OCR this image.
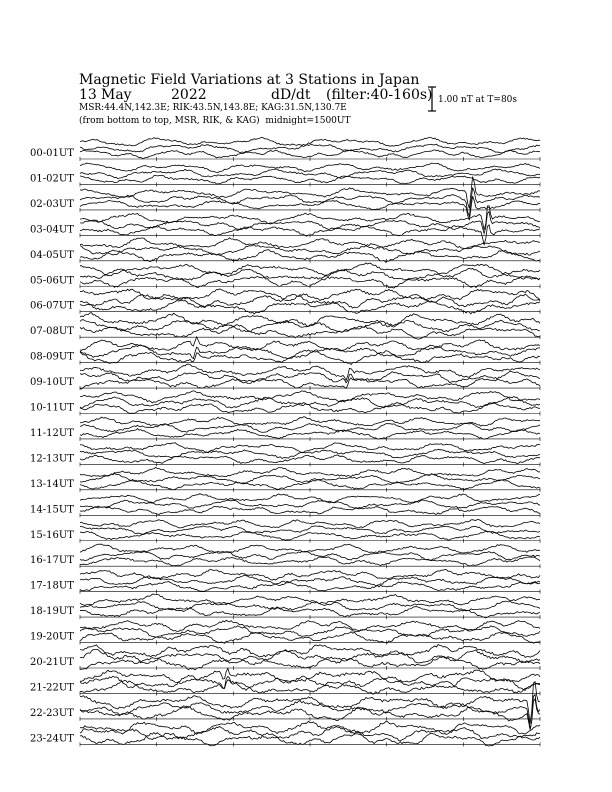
Magnetic Field Variations at 3 Stations in Japan
13 May	2022	dD/dt (filter:40-160s)
MSR:44.4N,142.3E; RIK:43.5N,143.8E; KAG:31.5N,130.7E
(from bottom to top, MSR, RIK, & KAG) midnight=1500UT
1.00 nT at T=80s
00-01UT
01-02UT
02-03UT
03-04UT
04-05UT
05-06UT
06-07UT
07-08UT
08-09UT
09-10UT
10-11UT
11-12UT
12-13UT
13-14UT
14-15UT
15-16UT
16-17UT
17-18UT
18-19UT
19-20UT
20-21UT
21-22UT
22-23UT
23-24UT
